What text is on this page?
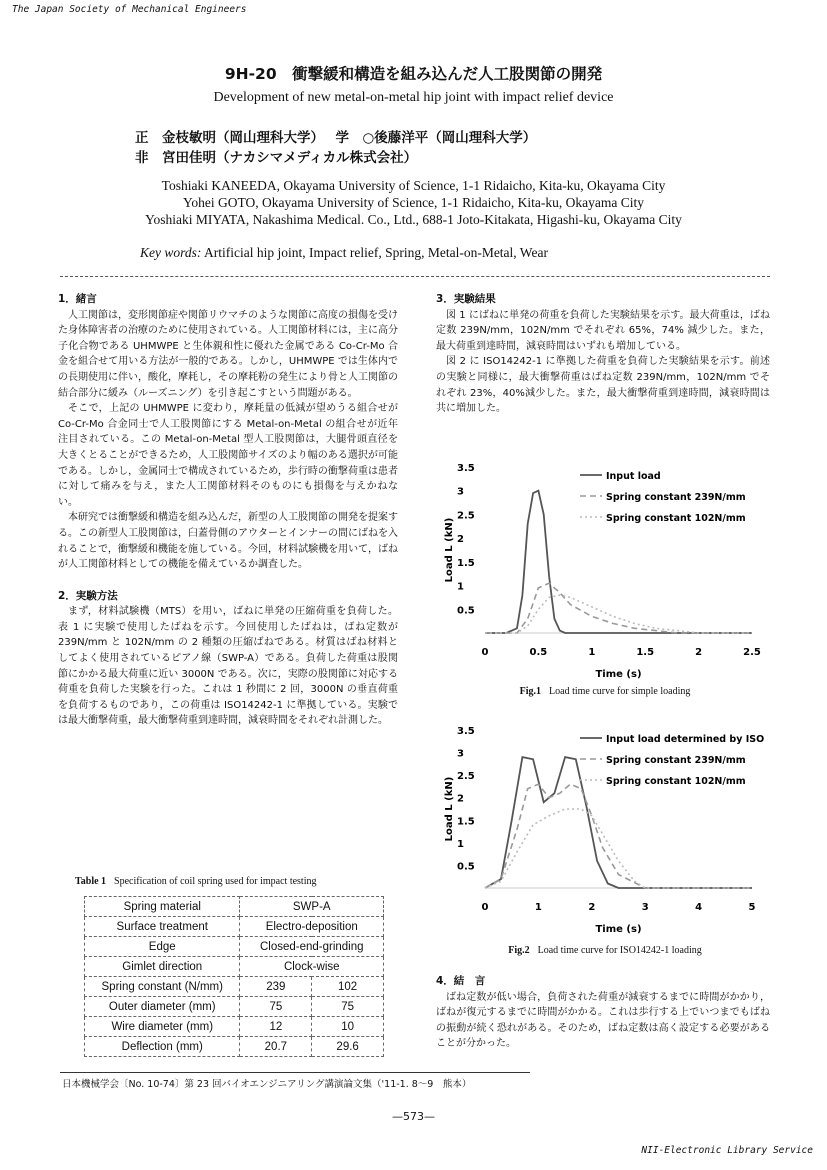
The Japan Society of Mechanical Engineers
NII-Electronic Library Service
9H-20　衝撃緩和構造を組み込んだ人工股関節の開発
Development of new metal-on-metal hip joint with impact relief device
正　金枝敏明（岡山理科大学）　 学　○後藤洋平（岡山理科大学）
非　宮田佳明（ナカシマメディカル株式会社）
Toshiaki KANEEDA, Okayama University of Science, 1-1 Ridaicho, Kita-ku, Okayama City
Yohei GOTO, Okayama University of Science, 1-1 Ridaicho, Kita-ku, Okayama City
Yoshiaki MIYATA, Nakashima Medical. Co., Ltd., 688-1 Joto-Kitakata, Higashi-ku, Okayama City
Key words: Artificial hip joint, Impact relief, Spring, Metal-on-Metal, Wear
1．緒言

人工関節は，変形関節症や関節リウマチのような関節に高度の損傷を受けた身体障害者の治療のために使用されている。人工関節材料には，主に高分子化合物である UHMWPE と生体親和性に優れた金属である Co-Cr-Mo 合金を組合せて用いる方法が一般的である。しかし，UHMWPE では生体内での長期使用に伴い，酸化，摩耗し，その摩耗粉の発生により骨と人工関節の結合部分に緩み（ルーズニング）を引き起こすという問題がある。

そこで，上記の UHMWPE に変わり，摩耗量の低減が望めうる組合せが Co-Cr-Mo 合金同士で人工股関節にする Metal-on-Metal の組合せが近年注目されている。この Metal-on-Metal 型人工股関節は，大腿骨頭直径を大きくとることができるため，人工股関節サイズのより幅のある選択が可能である。しかし，金属同士で構成されているため，歩行時の衝撃荷重は患者に対して痛みを与え，また人工関節材料そのものにも損傷を与えかねない。

本研究では衝撃緩和構造を組み込んだ，新型の人工股関節の開発を提案する。この新型人工股関節は，臼蓋骨側のアウターとインナーの間にばねを入れることで，衝撃緩和機能を施している。今回，材料試験機を用いて，ばねが人工関節材料としての機能を備えているか調査した。

2．実験方法

まず，材料試験機（MTS）を用い，ばねに単発の圧縮荷重を負荷した。表 1 に実験で使用したばねを示す。今回使用したばねは，ばね定数が 239N/mm と 102N/mm の 2 種類の圧縮ばねである。材質はばね材料としてよく使用されているピアノ線（SWP-A）である。負荷した荷重は股関節にかかる最大荷重に近い 3000N である。次に，実際の股関節に対応する荷重を負荷した実験を行った。これは 1 秒間に 2 回，3000N の垂直荷重を負荷するものであり，この荷重は ISO14242-1 に準拠している。実験では最大衝撃荷重，最大衝撃荷重到達時間，減衰時間をそれぞれ計測した。

Table 1 Specification of coil spring used for impact testing
Spring material	SWP-A	
Surface treatment	Electro-deposition	
Edge	Closed-end-grinding	
Gimlet direction	Clock-wise	
Spring constant (N/mm)	239	102
Outer diameter (mm)	75	75
Wire diameter (mm)	12	10
Deflection (mm)	20.7	29.6
3．実験結果

図 1 にばねに単発の荷重を負荷した実験結果を示す。最大荷重は，ばね定数 239N/mm，102N/mm でそれぞれ 65%，74% 減少した。また，最大荷重到達時間，減衰時間はいずれも増加している。

図 2 に ISO14242-1 に準拠した荷重を負荷した実験結果を示す。前述の実験と同様に，最大衝撃荷重はばね定数 239N/mm，102N/mm でそれぞれ 23%，40%減少した。また，最大衝撃荷重到達時間，減衰時間は共に増加した。

0.5
1
1.5
2
2.5
3
3.5
0	0.5	1	1.5	2	2.5
Time (s)
Load L (kN)
Input load
Spring constant 239N/mm
Spring constant 102N/mm
Fig.1 Load time curve for simple loading
0.5
1
1.5
2
2.5
3
3.5
0	1	2	3	4	5
Time (s)
Load L (kN)
Input load determined by ISO
Spring constant 239N/mm
Spring constant 102N/mm
Fig.2 Load time curve for ISO14242-1 loading
4．結　言

ばね定数が低い場合，負荷された荷重が減衰するまでに時間がかかり，ばねが復元するまでに時間がかかる。これは歩行する上でいつまでもばねの振動が続く恐れがある。そのため，ばね定数は高く設定する必要があることが分かった。

日本機械学会〔No. 10-74〕第 23 回バイオエンジニアリング講演論文集（'11-1. 8～9　熊本）
—573—
